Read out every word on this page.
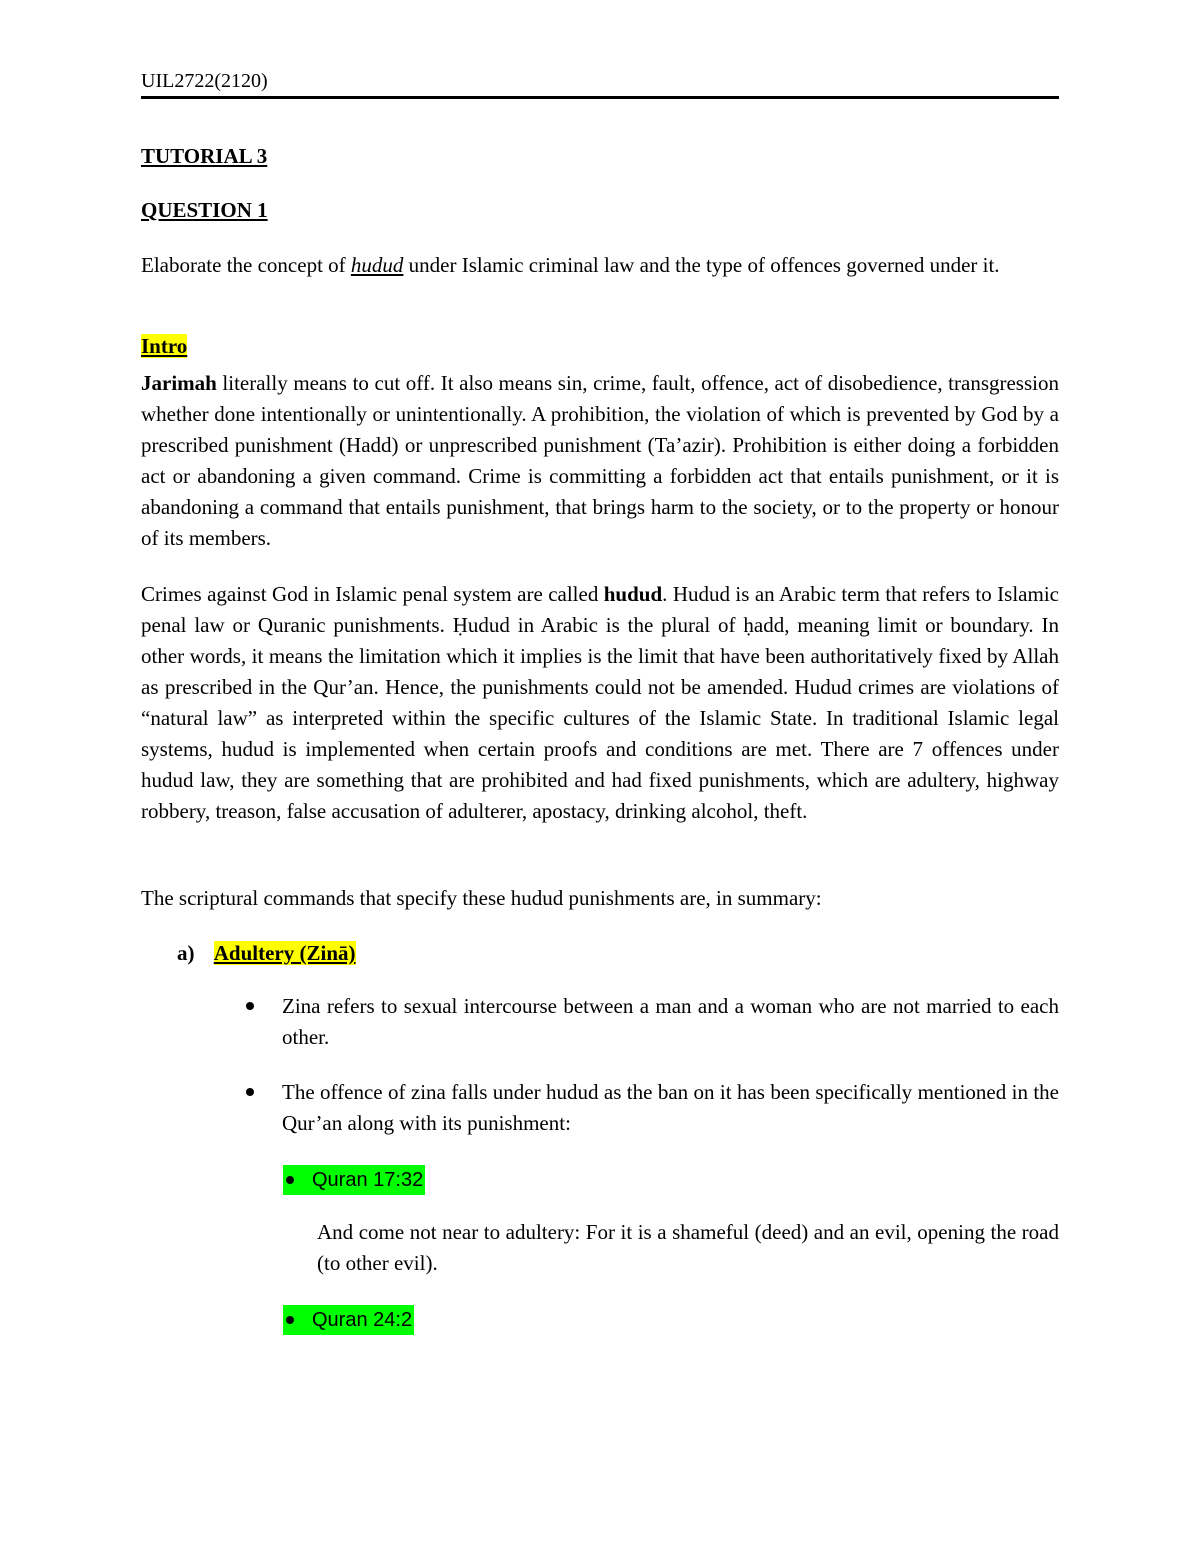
UIL2722(2120)

TUTORIAL 3

QUESTION 1

Elaborate the concept of hudud under Islamic criminal law and the type of offences governed under it.

Intro

Jarimah literally means to cut off. It also means sin, crime, fault, offence, act of disobedience, transgression whether done intentionally or unintentionally. A prohibition, the violation of which is prevented by God by a prescribed punishment (Hadd) or unprescribed punishment (Ta’azir). Prohibition is either doing a forbidden act or abandoning a given command. Crime is committing a forbidden act that entails punishment, or it is abandoning a command that entails punishment, that brings harm to the society, or to the property or honour of its members.

Crimes against God in Islamic penal system are called hudud. Hudud is an Arabic term that refers to Islamic penal law or Quranic punishments. Ḥudud in Arabic is the plural of ḥadd, meaning limit or boundary. In other words, it means the limitation which it implies is the limit that have been authoritatively fixed by Allah as prescribed in the Qur’an. Hence, the punishments could not be amended. Hudud crimes are violations of “natural law” as interpreted within the specific cultures of the Islamic State. In traditional Islamic legal systems, hudud is implemented when certain proofs and conditions are met. There are 7 offences under hudud law, they are something that are prohibited and had fixed punishments, which are adultery, highway robbery, treason, false accusation of adulterer, apostacy, drinking alcohol, theft.

The scriptural commands that specify these hudud punishments are, in summary:

a) Adultery (Zinā)

Zina refers to sexual intercourse between a man and a woman who are not married to each other.

The offence of zina falls under hudud as the ban on it has been specifically mentioned in the Qur’an along with its punishment:

Quran 17:32

And come not near to adultery: For it is a shameful (deed) and an evil, opening the road (to other evil).

Quran 24:2
